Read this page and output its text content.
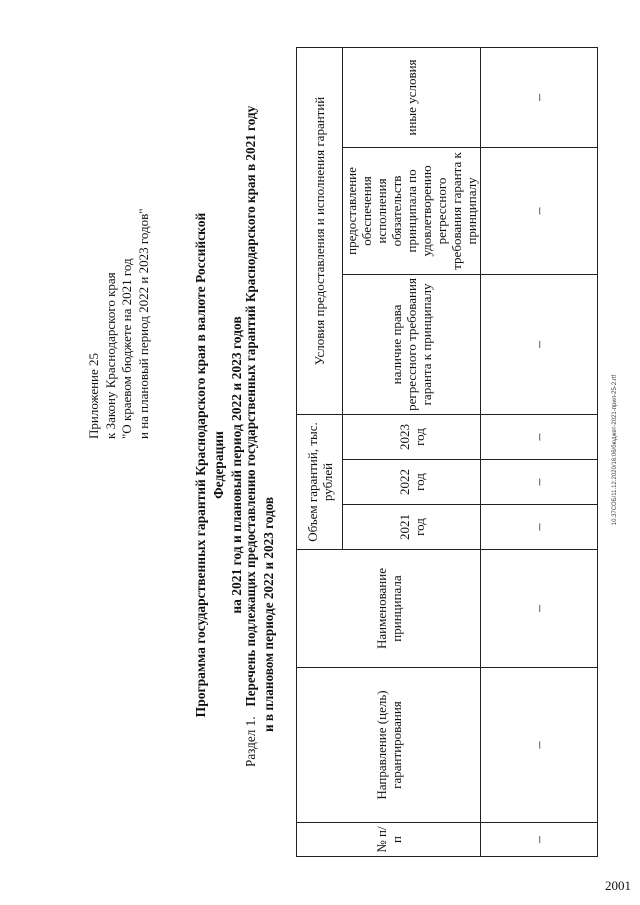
2001
10.37СОБ/11.12.2020/16:06/бюджет-2021-прил-25-2.rtf
Приложение 25 к Закону Краснодарского края "О краевом бюджете на 2021 год и на плановый период 2022 и 2023 годов"	Программа государственных гарантий Краснодарского края в валюте Российской Федерации на 2021 год и плановый период 2022 и 2023 годов
Раздел 1.   Перечень подлежащих предоставлению государственных гарантий Краснодарского края в 2021 году и в плановом периоде 2022 и 2023 годов
№ п/п	Направление (цель) гарантирования	Наименование принципала	Объем гарантий, тыс. рублей			Условия предоставления и исполнения гарантий		
			2021 год	2022 год	2023 год	наличие права регрессного требования гаранта к принципалу	предоставление обеспечения исполнения обязательств принципала по удовлетворению регрессного требования гаранта к принципалу	иные условия
–	–	–	–	–	–	–	–	–
